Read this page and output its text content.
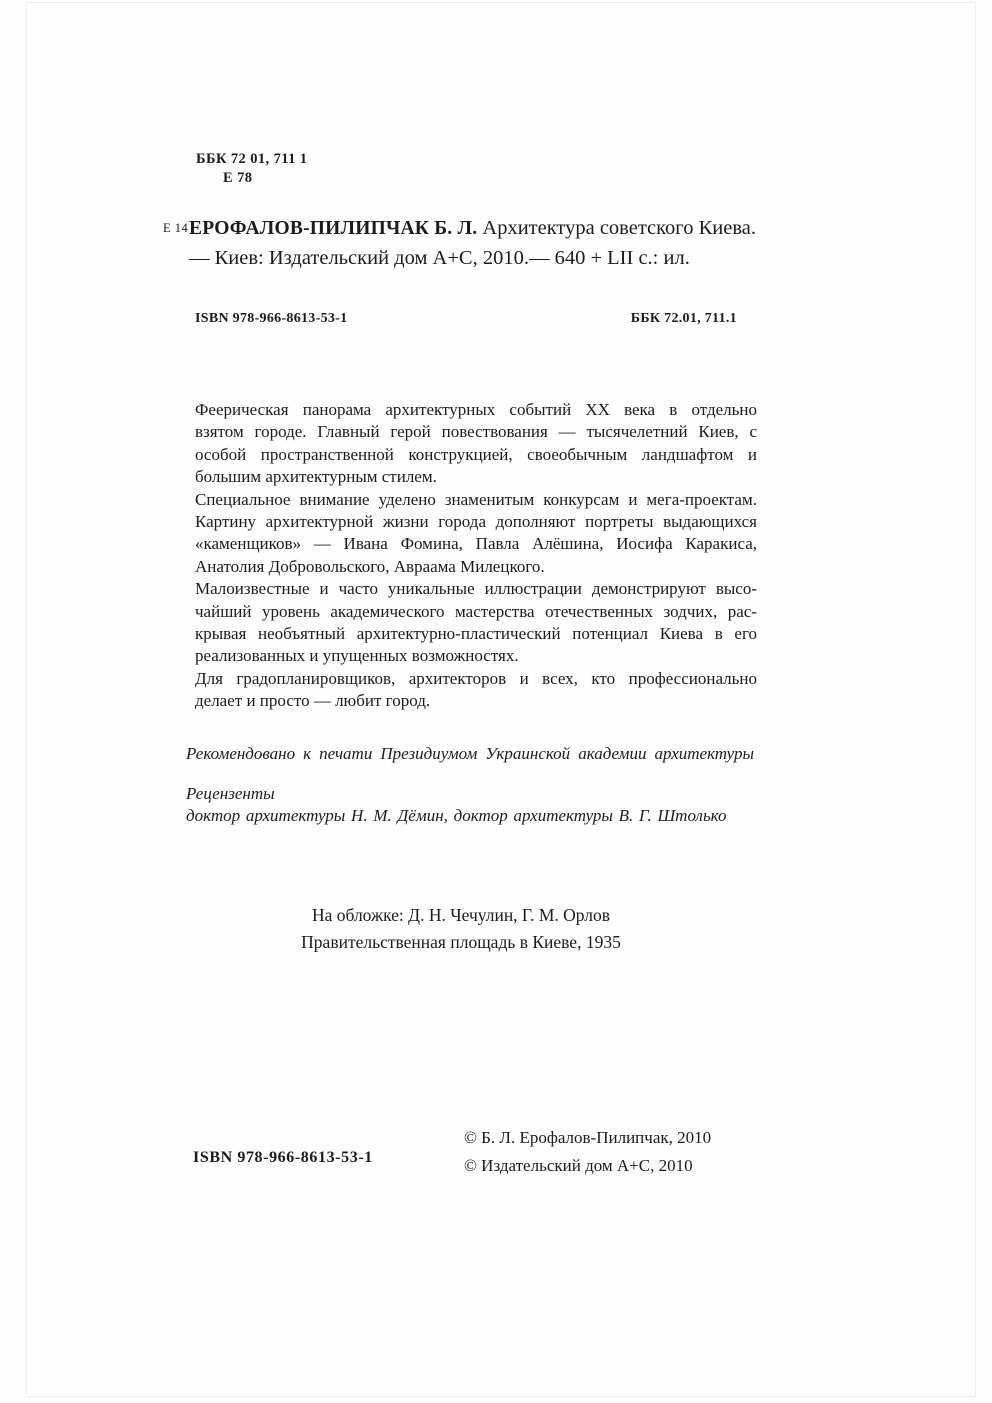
ББК 72 01, 711 1
Е 78
Е 14 ЕРОФАЛОВ-ПИЛИПЧАК Б. Л. Архитектура советского Киева.
— Киев: Издательский дом А+С, 2010.— 640 + LII с.: ил.
ISBN 978-966-8613-53-1	ББК 72.01, 711.1
Феерическая панорама архитектурных событий XX века в отдельно
взятом городе. Главный герой повествования — тысячелетний Киев, с
особой пространственной конструкцией, своеобычным ландшафтом и
большим архитектурным стилем.
Специальное внимание уделено знаменитым конкурсам и мега-проектам.
Картину архитектурной жизни города дополняют портреты выдающихся
«каменщиков» — Ивана Фомина, Павла Алёшина, Иосифа Каракиса,
Анатолия Добровольского, Авраама Милецкого.
Малоизвестные и часто уникальные иллюстрации демонстрируют высо-
чайший уровень академического мастерства отечественных зодчих, рас-
крывая необъятный архитектурно-пластический потенциал Киева в его
реализованных и упущенных возможностях.
Для градопланировщиков, архитекторов и всех, кто профессионально
делает и просто — любит город.
Рекомендовано к печати Президиумом Украинской академии архитектуры
Рецензенты
доктор архитектуры Н. М. Дёмин, доктор архитектуры В. Г. Штолько
На обложке: Д. Н. Чечулин, Г. М. Орлов
Правительственная площадь в Киеве, 1935
ISBN 978-966-8613-53-1
© Б. Л. Ерофалов-Пилипчак, 2010
© Издательский дом А+С, 2010
